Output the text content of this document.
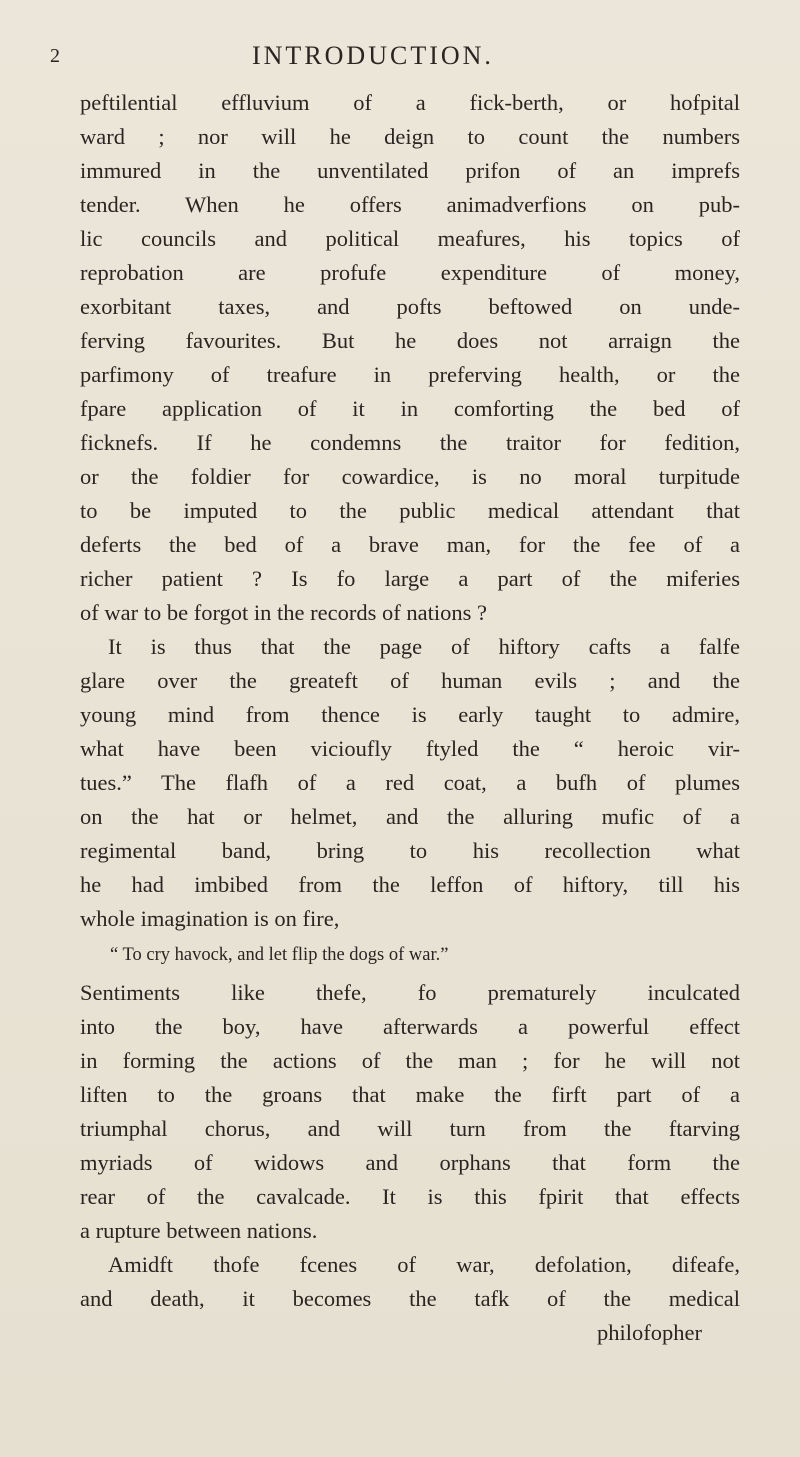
2	INTRODUCTION.
peftilential effluvium of a fick-berth, or hofpital
ward ; nor will he deign to count the numbers
immured in the unventilated prifon of an imprefs
tender. When he offers animadverfions on pub-
lic councils and political meafures, his topics of
reprobation are profufe expenditure of money,
exorbitant taxes, and pofts beftowed on unde-
ferving favourites. But he does not arraign the
parfimony of treafure in preferving health, or the
fpare application of it in comforting the bed of
ficknefs. If he condemns the traitor for fedition,
or the foldier for cowardice, is no moral turpitude
to be imputed to the public medical attendant that
deferts the bed of a brave man, for the fee of a
richer patient ? Is fo large a part of the miferies
of war to be forgot in the records of nations ?
It is thus that the page of hiftory cafts a falfe
glare over the greateft of human evils ; and the
young mind from thence is early taught to admire,
what have been vicioufly ftyled the “ heroic vir-
tues.” The flafh of a red coat, a bufh of plumes
on the hat or helmet, and the alluring mufic of a
regimental band, bring to his recollection what
he had imbibed from the leffon of hiftory, till his
whole imagination is on fire,
“ To cry havock, and let flip the dogs of war.”
Sentiments like thefe, fo prematurely inculcated
into the boy, have afterwards a powerful effect
in forming the actions of the man ; for he will not
liften to the groans that make the firft part of a
triumphal chorus, and will turn from the ftarving
myriads of widows and orphans that form the
rear of the cavalcade. It is this fpirit that effects
a rupture between nations.
Amidft thofe fcenes of war, defolation, difeafe,
and death, it becomes the tafk of the medical
philofopher
